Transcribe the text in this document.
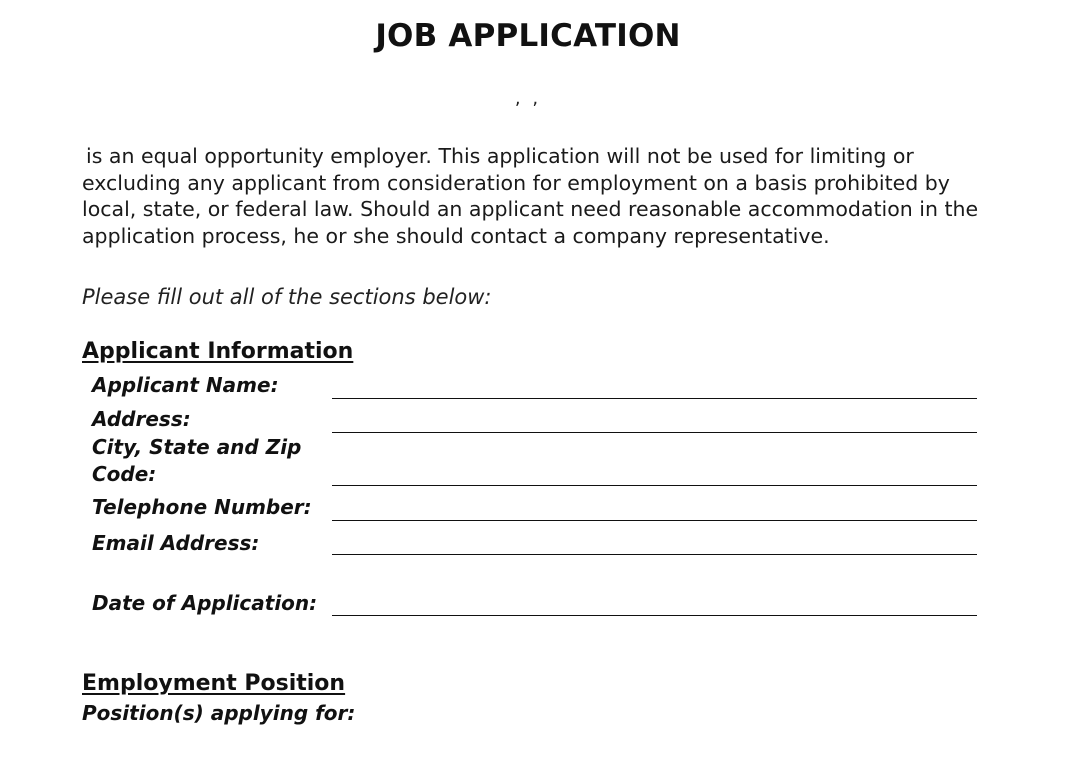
JOB APPLICATION
, ,

is an equal opportunity employer. This application will not be used for limiting or
excluding any applicant from consideration for employment on a basis prohibited by
local, state, or federal law. Should an applicant need reasonable accommodation in the
application process, he or she should contact a company representative.

Please fill out all of the sections below:
Applicant Information
Applicant Name:
Address:
City, State and Zip
Code:
Telephone Number:
Email Address:
Date of Application:
Employment Position
Position(s) applying for:
